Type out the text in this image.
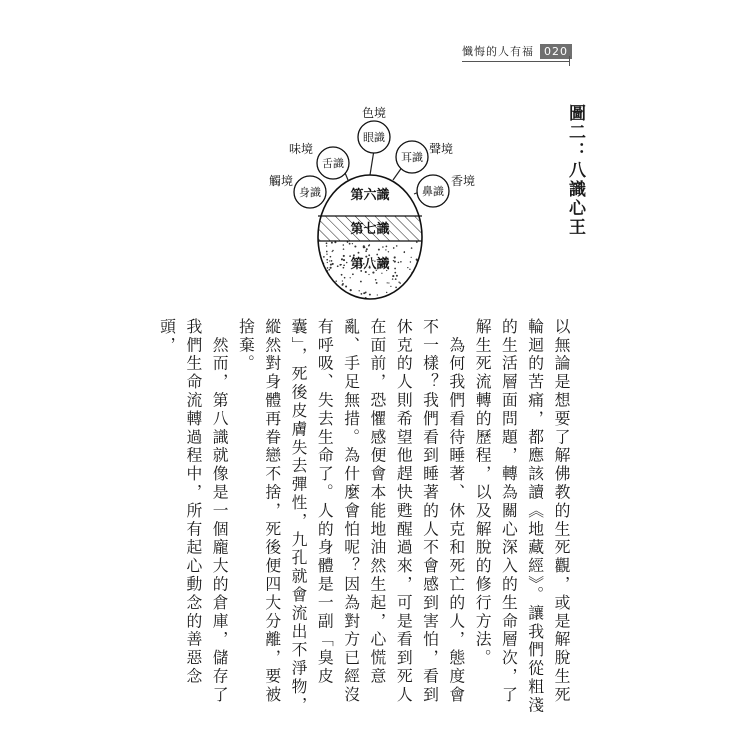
懺悔的人有福 020
第六識
第七識
第八識
眼識
耳識
鼻識
舌識
身識
色境
聲境
香境
味境
觸境	圖二：八識心王

以無論是想要了解佛教的生死觀，或是解脫生死輪迴的苦痛，都應該讀《地藏經》。讓我們從粗淺的生活層面問題，轉為關心深入的生命層次，了解生死流轉的歷程，以及解脫的修行方法。

　為何我們看待睡著、休克和死亡的人，態度會不一樣？我們看到睡著的人不會感到害怕，看到休克的人則希望他趕快甦醒過來，可是看到死人在面前，恐懼感便會本能地油然生起，心慌意亂、手足無措。為什麼會怕呢？因為對方已經沒有呼吸、失去生命了。人的身體是一副「臭皮囊」，死後皮膚失去彈性，九孔就會流出不淨物，縱然對身體再眷戀不捨，死後便四大分離，要被捨棄。

　然而，第八識就像是一個龐大的倉庫，儲存了我們生命流轉過程中，所有起心動念的善惡念頭，
